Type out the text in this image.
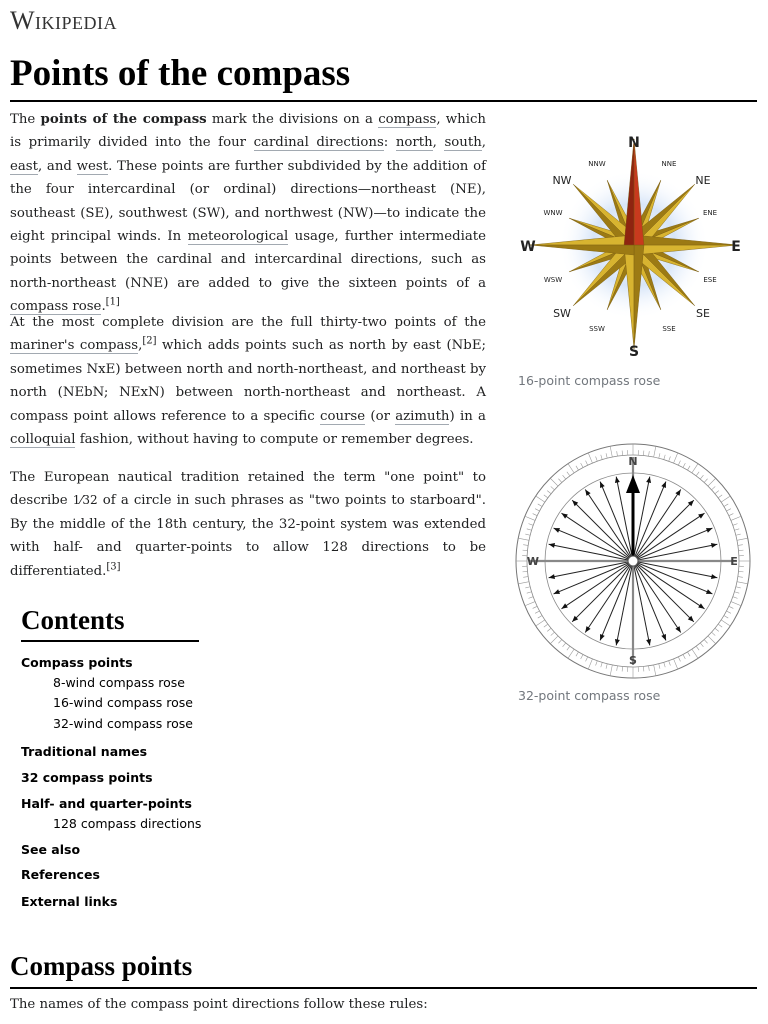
Wikipedia
Points of the compass

The points of the compass mark the divisions on a compass, which is primarily divided into the four cardinal directions: north, south, east, and west. These points are further subdivided by the addition of the four intercardinal (or ordinal) directions—northeast (NE), southeast (SE), southwest (SW), and northwest (NW)—to indicate the eight principal winds. In meteorological usage, further intermediate points between the cardinal and intercardinal directions, such as north-northeast (NNE) are added to give the sixteen points of a compass rose.[1]

At the most complete division are the full thirty-two points of the mariner's compass,[2] which adds points such as north by east (NbE; sometimes NxE) between north and north-northeast, and northeast by north (NEbN; NExN) between north-northeast and northeast. A compass point allows reference to a specific course (or azimuth) in a colloquial fashion, without having to compute or remember degrees.

The European nautical tradition retained the term "one point" to describe 1⁄32 of a circle in such phrases as "two points to starboard". By the middle of the 18th century, the 32-point system was extended with half- and quarter-points to allow 128 directions to be differentiated.[3]

N
S
E
W
NE
NW
SE
SW
NNE
NNW
ENE
ESE
WNW
WSW
SSE
SSW
16-point compass rose
N
S
E
W
32-point compass rose
Contents
Compass points
8-wind compass rose
16-wind compass rose
32-wind compass rose
Traditional names
32 compass points
Half- and quarter-points
128 compass directions
See also
References
External links
Compass points
The names of the compass point directions follow these rules:
